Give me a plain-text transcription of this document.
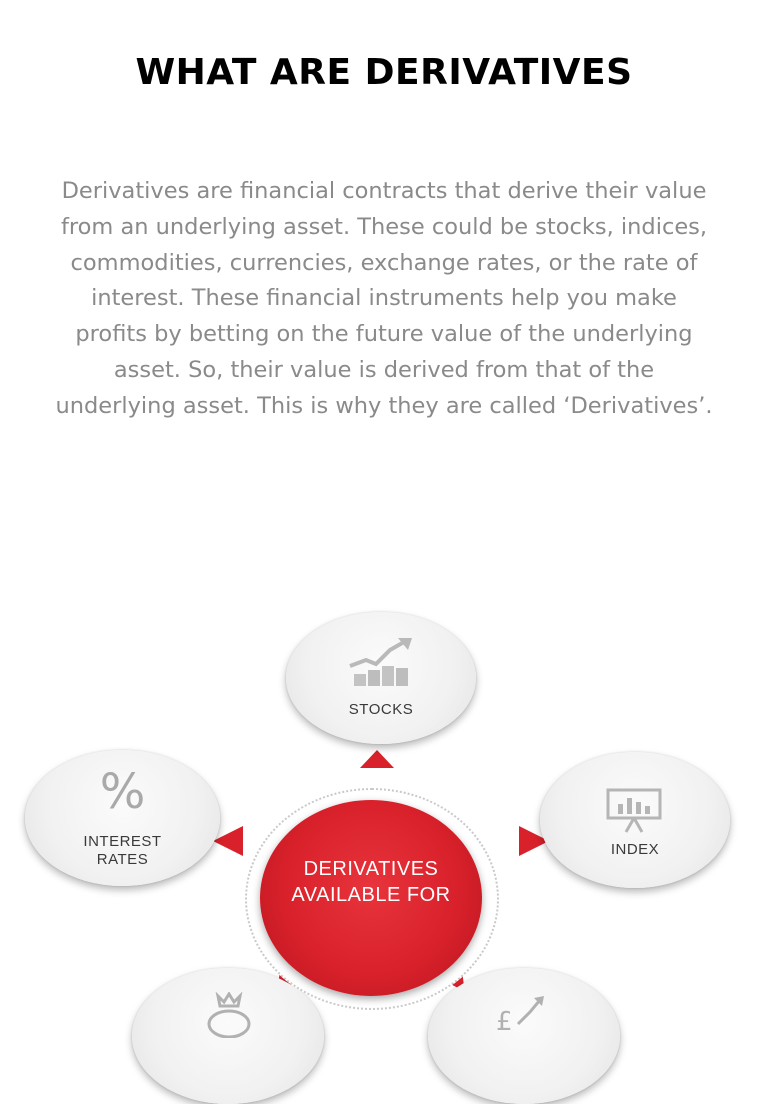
WHAT ARE DERIVATIVES
Derivatives are financial contracts that derive their value from an underlying asset. These could be stocks, indices, commodities, currencies, exchange rates, or the rate of interest. These financial instruments help you make profits by betting on the future value of the underlying asset. So, their value is derived from that of the underlying asset. This is why they are called ‘Derivatives’.
STOCKS
%
INTEREST
RATES
INDEX
£
DERIVATIVES
AVAILABLE FOR
